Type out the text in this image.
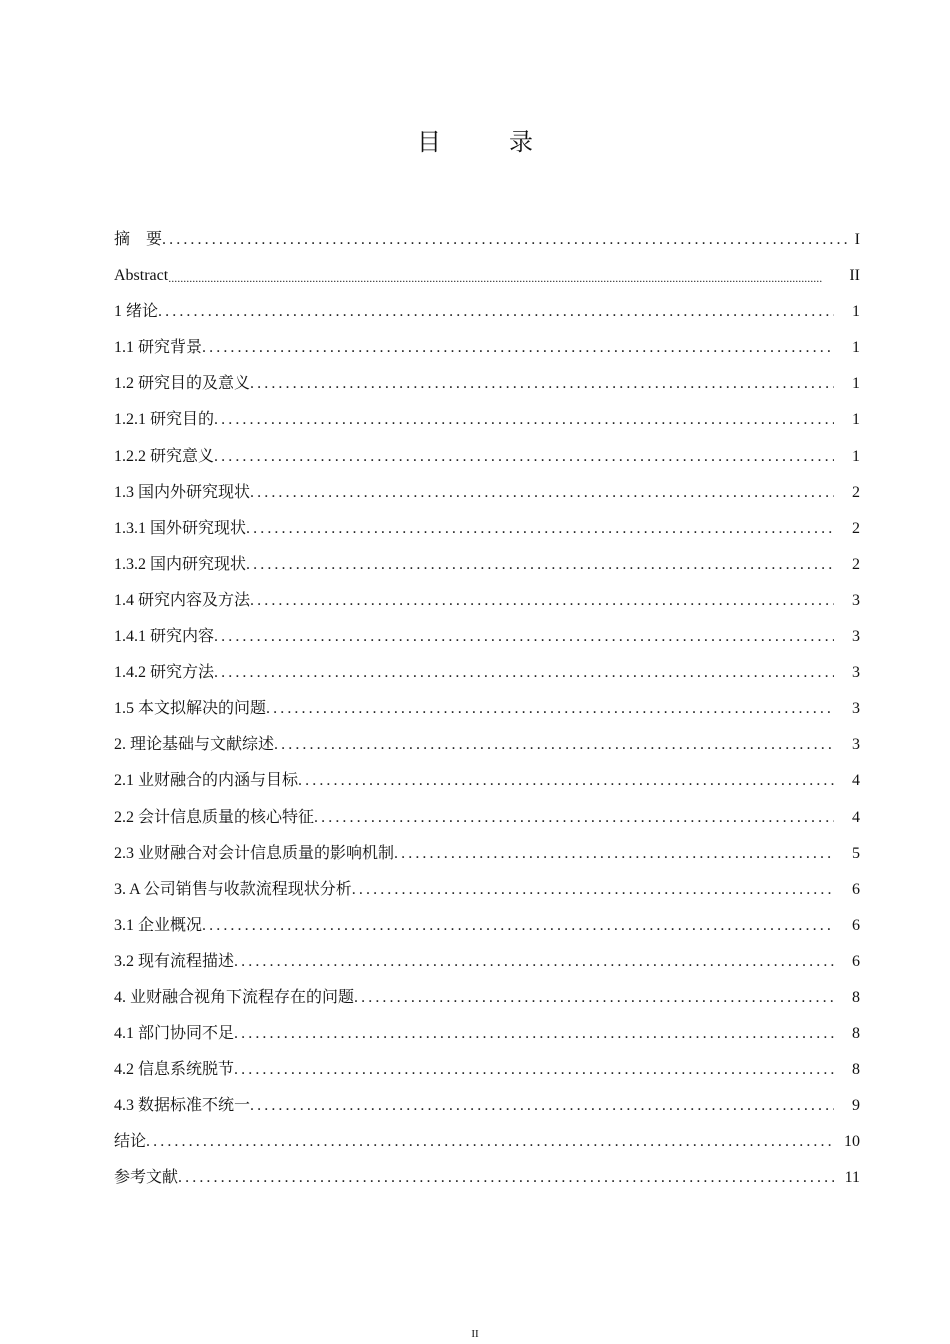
目　录
摘　要 .....	I
Abstract .....	II
1 绪论 .....	1
1.1 研究背景 .....	1
1.2 研究目的及意义 .....	1
1.2.1 研究目的 .....	1
1.2.2 研究意义 .....	1
1.3 国内外研究现状 .....	2
1.3.1 国外研究现状 .....	2
1.3.2 国内研究现状 .....	2
1.4 研究内容及方法 .....	3
1.4.1 研究内容 .....	3
1.4.2 研究方法 .....	3
1.5 本文拟解决的问题 .....	3
2. 理论基础与文献综述 .....	3
2.1 业财融合的内涵与目标 .....	4
2.2 会计信息质量的核心特征 .....	4
2.3 业财融合对会计信息质量的影响机制 .....	5
3. A 公司销售与收款流程现状分析 .....	6
3.1 企业概况 .....	6
3.2 现有流程描述 .....	6
4. 业财融合视角下流程存在的问题 .....	8
4.1 部门协同不足 .....	8
4.2 信息系统脱节 .....	8
4.3 数据标准不统一 .....	9
结论 .....	10
参考文献 .....	11
II
